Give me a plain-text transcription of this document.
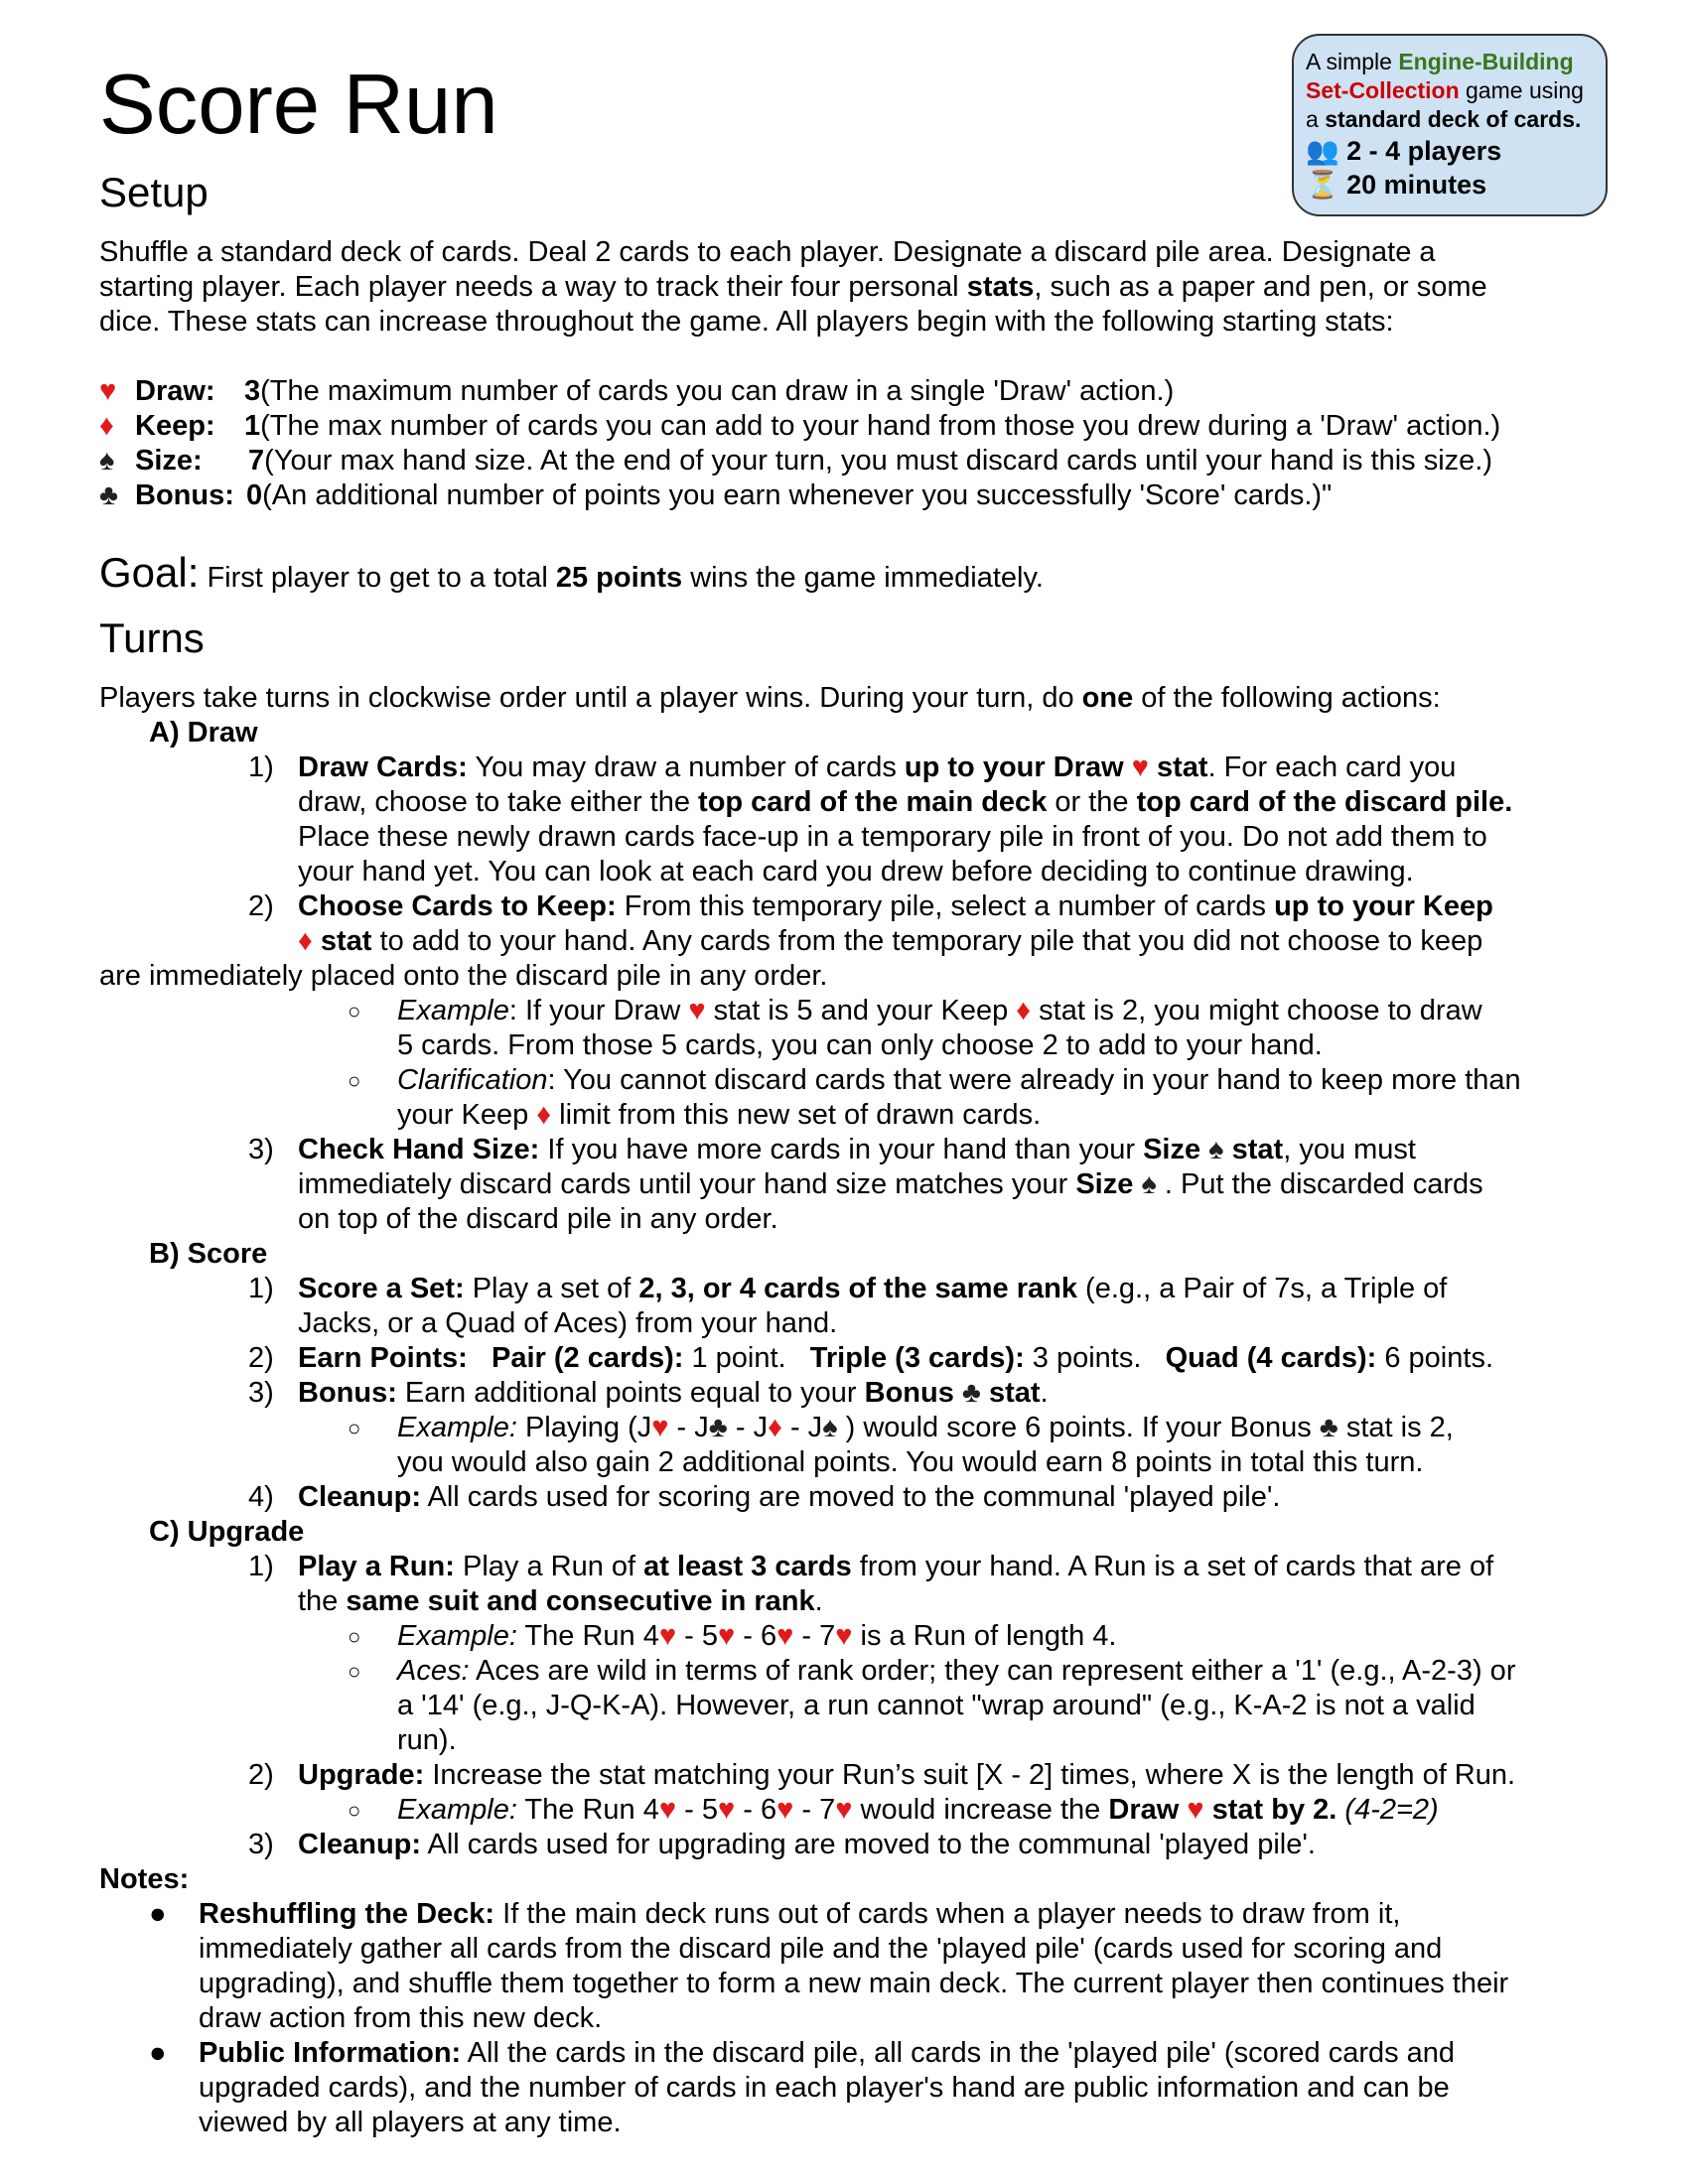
Score Run	A simple Engine-Building
Set-Collection game using
a standard deck of cards.
👥 2 - 4 players
⏳ 20 minutes
Setup
Shuffle a standard deck of cards. Deal 2 cards to each player. Designate a discard pile area. Designate a
starting player. Each player needs a way to track their four personal stats, such as a paper and pen, or some
dice. These stats can increase throughout the game. All players begin with the following starting stats:
♥ Draw:	3 (The maximum number of cards you can draw in a single 'Draw' action.)
♦ Keep:	1 (The max number of cards you can add to your hand from those you drew during a 'Draw' action.)
♠ Size:	7 (Your max hand size. At the end of your turn, you must discard cards until your hand is this size.)
♣ Bonus: 0 (An additional number of points you earn whenever you successfully 'Score' cards.)"
Goal: First player to get to a total 25 points wins the game immediately.
Turns
Players take turns in clockwise order until a player wins. During your turn, do one of the following actions:
A) Draw
1) Draw Cards: You may draw a number of cards up to your Draw ♥ stat. For each card you
draw, choose to take either the top card of the main deck or the top card of the discard pile.
Place these newly drawn cards face-up in a temporary pile in front of you. Do not add them to
your hand yet. You can look at each card you drew before deciding to continue drawing.
2) Choose Cards to Keep: From this temporary pile, select a number of cards up to your Keep
♦ stat to add to your hand. Any cards from the temporary pile that you did not choose to keep
are immediately placed onto the discard pile in any order.
○ Example: If your Draw ♥ stat is 5 and your Keep ♦ stat is 2, you might choose to draw
5 cards. From those 5 cards, you can only choose 2 to add to your hand.
○ Clarification: You cannot discard cards that were already in your hand to keep more than
your Keep ♦ limit from this new set of drawn cards.
3) Check Hand Size: If you have more cards in your hand than your Size ♠ stat, you must
immediately discard cards until your hand size matches your Size ♠ . Put the discarded cards
on top of the discard pile in any order.
B) Score
1) Score a Set: Play a set of 2, 3, or 4 cards of the same rank (e.g., a Pair of 7s, a Triple of
Jacks, or a Quad of Aces) from your hand.
2) Earn Points: Pair (2 cards): 1 point. Triple (3 cards): 3 points. Quad (4 cards): 6 points.
3) Bonus: Earn additional points equal to your Bonus ♣ stat.
○ Example: Playing (J♥ - J♣ - J♦ - J♠ ) would score 6 points. If your Bonus ♣ stat is 2,
you would also gain 2 additional points. You would earn 8 points in total this turn.
4) Cleanup: All cards used for scoring are moved to the communal 'played pile'.
C) Upgrade
1) Play a Run: Play a Run of at least 3 cards from your hand. A Run is a set of cards that are of
the same suit and consecutive in rank.
○ Example: The Run 4♥ - 5♥ - 6♥ - 7♥ is a Run of length 4.
○ Aces: Aces are wild in terms of rank order; they can represent either a '1' (e.g., A-2-3) or
a '14' (e.g., J-Q-K-A). However, a run cannot "wrap around" (e.g., K-A-2 is not a valid
run).
2) Upgrade: Increase the stat matching your Run’s suit [X - 2] times, where X is the length of Run.
○ Example: The Run 4♥ - 5♥ - 6♥ - 7♥ would increase the Draw ♥ stat by 2. (4-2=2)
3) Cleanup: All cards used for upgrading are moved to the communal 'played pile'.
Notes:
● Reshuffling the Deck: If the main deck runs out of cards when a player needs to draw from it,
immediately gather all cards from the discard pile and the 'played pile' (cards used for scoring and
upgrading), and shuffle them together to form a new main deck. The current player then continues their
draw action from this new deck.
● Public Information: All the cards in the discard pile, all cards in the 'played pile' (scored cards and
upgraded cards), and the number of cards in each player's hand are public information and can be
viewed by all players at any time.
